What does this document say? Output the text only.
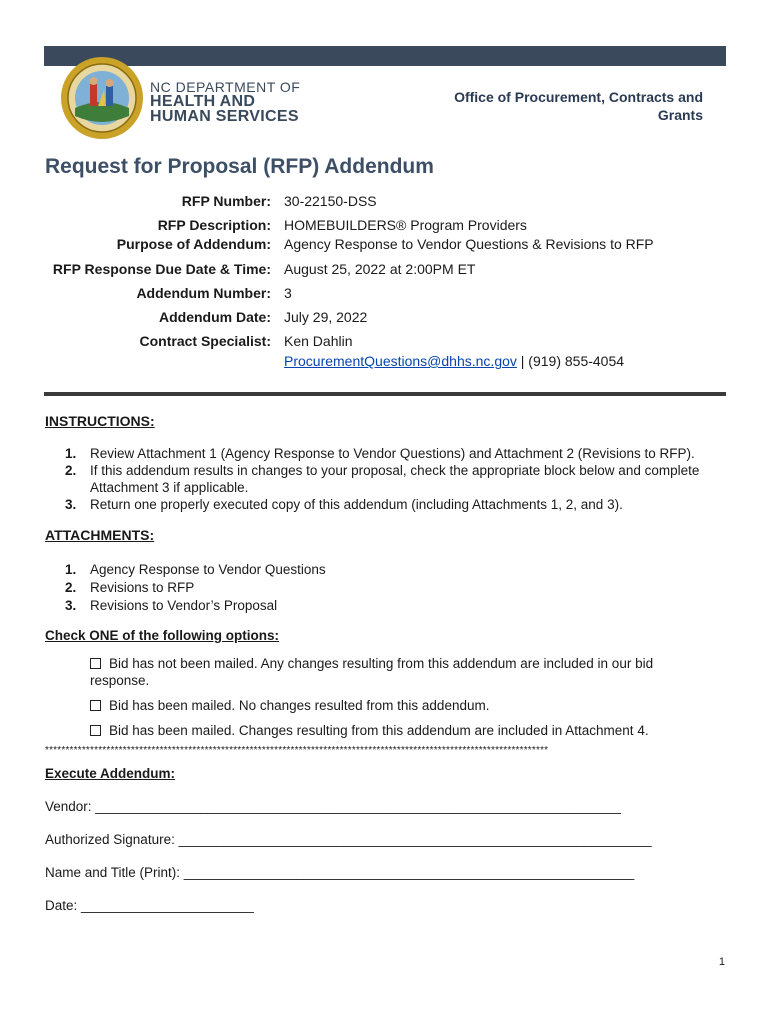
NC DEPARTMENT OF
HEALTH AND
HUMAN SERVICES
Office of Procurement, Contracts and
Grants
Request for Proposal (RFP) Addendum
RFP Number: 30-22150-DSS
RFP Description: HOMEBUILDERS® Program Providers
Purpose of Addendum: Agency Response to Vendor Questions & Revisions to RFP
RFP Response Due Date & Time: August 25, 2022 at 2:00PM ET
Addendum Number: 3
Addendum Date: July 29, 2022
Contract Specialist: Ken Dahlin
ProcurementQuestions@dhhs.nc.gov | (919) 855-4054
INSTRUCTIONS:
1. Review Attachment 1 (Agency Response to Vendor Questions) and Attachment 2 (Revisions to RFP).
2. If this addendum results in changes to your proposal, check the appropriate block below and complete Attachment 3 if applicable.
3. Return one properly executed copy of this addendum (including Attachments 1, 2, and 3).
ATTACHMENTS:
1. Agency Response to Vendor Questions
2. Revisions to RFP
3. Revisions to Vendor’s Proposal
Check ONE of the following options:
Bid has not been mailed. Any changes resulting from this addendum are included in our bid response.
Bid has been mailed. No changes resulted from this addendum.
Bid has been mailed. Changes resulting from this addendum are included in Attachment 4.
***************************************************************************************************************************
Execute Addendum:
Vendor: ______________________________________________________________________
Authorized Signature: _______________________________________________________________
Name and Title (Print): ____________________________________________________________
Date: _______________________
1
